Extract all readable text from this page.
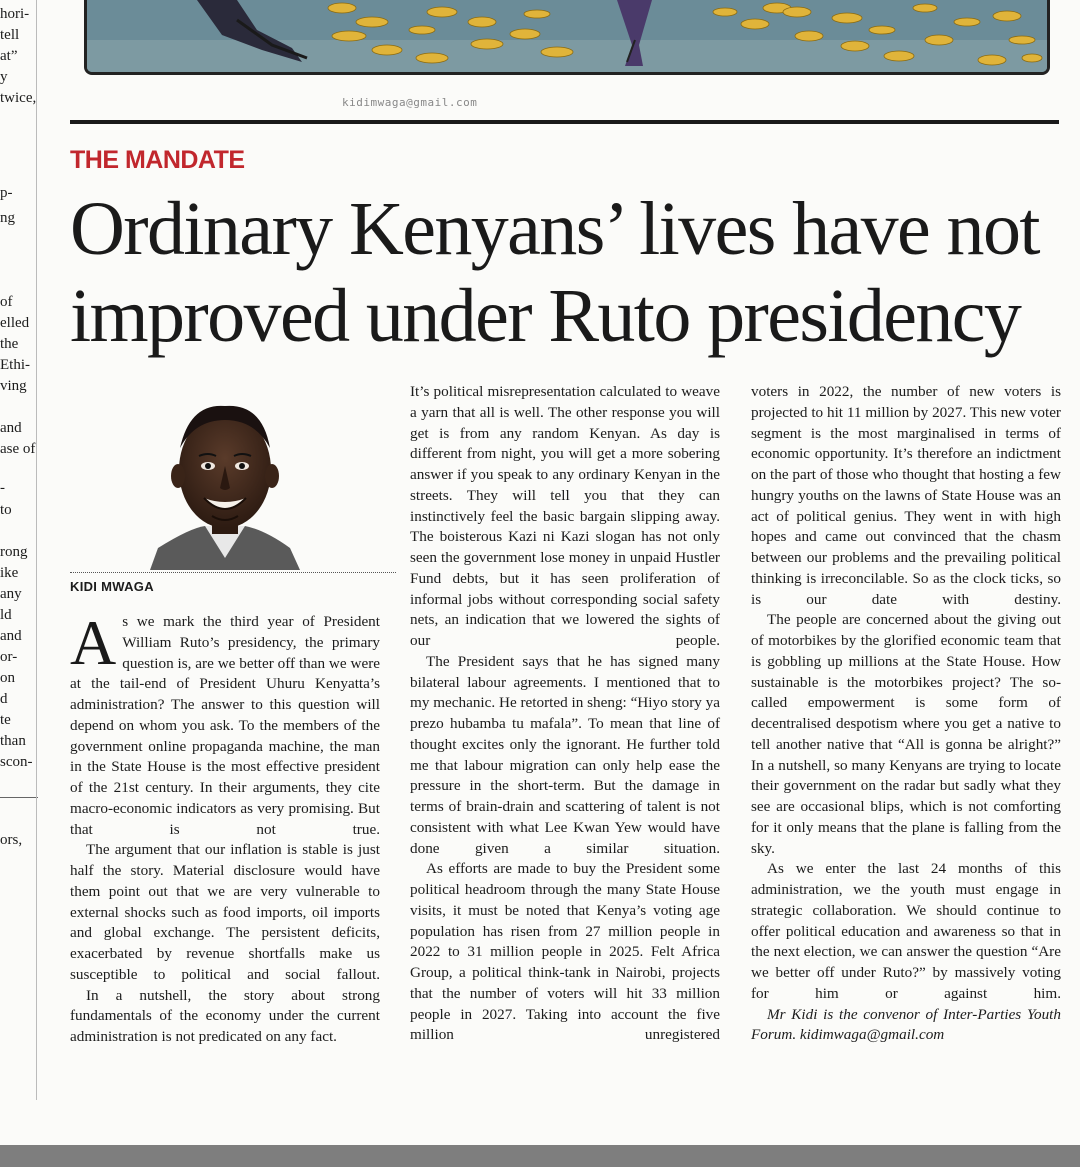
hori-
tell
at”
y
twice,
p-
ng
of
elled
the
Ethi-
ving
and
ase of
-
to
rong
ike
any
ld
and
or-
on
d
te
than
scon-
ors,
kidimwaga@gmail.com
THE MANDATE
Ordinary Kenyans’ lives have not
improved under Ruto presidency
KIDI MWAGA

As we mark the third year of President William Ruto’s presidency, the primary question is, are we better off than we were at the tail-end of President Uhuru Kenyatta’s administration? The answer to this question will depend on whom you ask. To the members of the government online propaganda machine, the man in the State House is the most effective president of the 21st century. In their arguments, they cite macro-economic indicators as very promising. But that is not true.

The argument that our inflation is stable is just half the story. Material disclosure would have them point out that we are very vulnerable to external shocks such as food imports, oil imports and global exchange. The persistent deficits, exacerbated by revenue shortfalls make us susceptible to political and social fallout.

In a nutshell, the story about strong fundamentals of the economy under the current administration is not predicated on any fact.

It’s political misrepresentation calculated to weave a yarn that all is well. The other response you will get is from any random Kenyan. As day is different from night, you will get a more sobering answer if you speak to any ordinary Kenyan in the streets. They will tell you that they can instinctively feel the basic bargain slipping away. The boisterous Kazi ni Kazi slogan has not only seen the government lose money in unpaid Hustler Fund debts, but it has seen proliferation of informal jobs without corresponding social safety nets, an indication that we lowered the sights of our people.

The President says that he has signed many bilateral labour agreements. I mentioned that to my mechanic. He retorted in sheng: “Hiyo story ya prezo hubamba tu mafala”. To mean that line of thought excites only the ignorant. He further told me that labour migration can only help ease the pressure in the short-term. But the damage in terms of brain-drain and scattering of talent is not consistent with what Lee Kwan Yew would have done given a similar situation.

As efforts are made to buy the President some political headroom through the many State House visits, it must be noted that Kenya’s voting age population has risen from 27 million people in 2022 to 31 million people in 2025. Felt Africa Group, a political think-tank in Nairobi, projects that the number of voters will hit 33 million people in 2027. Taking into account the five million unregistered

voters in 2022, the number of new voters is projected to hit 11 million by 2027. This new voter segment is the most marginalised in terms of economic opportunity. It’s therefore an indictment on the part of those who thought that hosting a few hungry youths on the lawns of State House was an act of political genius. They went in with high hopes and came out convinced that the chasm between our problems and the prevailing political thinking is irreconcilable. So as the clock ticks, so is our date with destiny.

The people are concerned about the giving out of motorbikes by the glorified economic team that is gobbling up millions at the State House. How sustainable is the motorbikes project? The so-called empowerment is some form of decentralised despotism where you get a native to tell another native that “All is gonna be alright?” In a nutshell, so many Kenyans are trying to locate their government on the radar but sadly what they see are occasional blips, which is not comforting for it only means that the plane is falling from the sky.

As we enter the last 24 months of this administration, we the youth must engage in strategic collaboration. We should continue to offer political education and awareness so that in the next election, we can answer the question “Are we better off under Ruto?” by massively voting for him or against him.

Mr Kidi is the convenor of Inter-Parties Youth Forum. kidimwaga@gmail.com
